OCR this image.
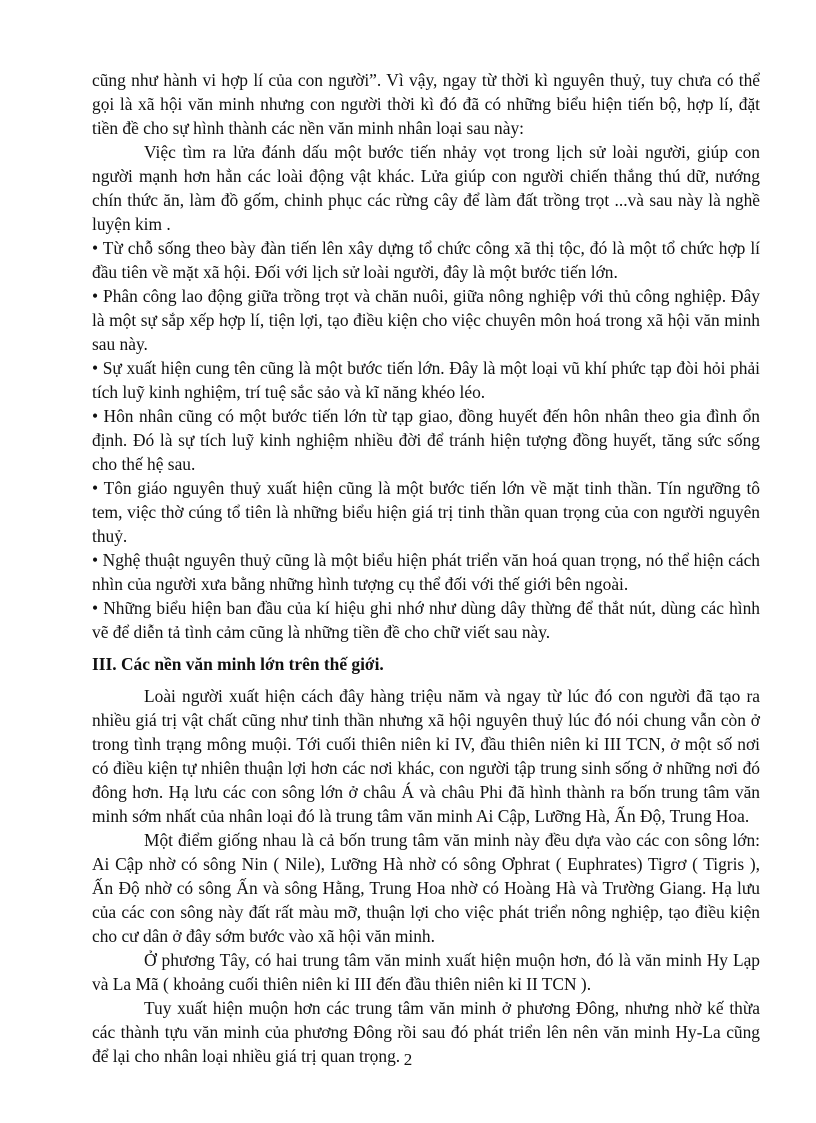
cũng như hành vi hợp lí của con người”. Vì vậy, ngay từ thời kì nguyên thuỷ, tuy chưa có thể gọi là xã hội văn minh nhưng con người thời kì đó đã có những biểu hiện tiến bộ, hợp lí, đặt tiền đề cho sự hình thành các nền văn minh nhân loại sau này:

Việc tìm ra lửa đánh dấu một bước tiến nhảy vọt trong lịch sử loài người, giúp con người mạnh hơn hẳn các loài động vật khác. Lửa giúp con người chiến thắng thú dữ, nướng chín thức ăn, làm đồ gốm, chinh phục các rừng cây để làm đất trồng trọt ...và sau này là nghề luyện kim .

• Từ chỗ sống theo bày đàn tiến lên xây dựng tổ chức công xã thị tộc, đó là một tổ chức hợp lí đầu tiên về mặt xã hội. Đối với lịch sử loài người, đây là một bước tiến lớn.

• Phân công lao động giữa trồng trọt và chăn nuôi, giữa nông nghiệp với thủ công nghiệp. Đây là một sự sắp xếp hợp lí, tiện lợi, tạo điều kiện cho việc chuyên môn hoá trong xã hội văn minh sau này.

• Sự xuất hiện cung tên cũng là một bước tiến lớn. Đây là một loại vũ khí phức tạp đòi hỏi phải tích luỹ kinh nghiệm, trí tuệ sắc sảo và kĩ năng khéo léo.

• Hôn nhân cũng có một bước tiến lớn từ tạp giao, đồng huyết đến hôn nhân theo gia đình ổn định. Đó là sự tích luỹ kinh nghiệm nhiều đời để tránh hiện tượng đồng huyết, tăng sức sống cho thế hệ sau.

• Tôn giáo nguyên thuỷ xuất hiện cũng là một bước tiến lớn về mặt tinh thần. Tín ngưỡng tô tem, việc thờ cúng tổ tiên là những biểu hiện giá trị tinh thần quan trọng của con người nguyên thuỷ.

• Nghệ thuật nguyên thuỷ cũng là một biểu hiện phát triển văn hoá quan trọng, nó thể hiện cách nhìn của người xưa bằng những hình tượng cụ thể đối với thế giới bên ngoài.

• Những biểu hiện ban đầu của kí hiệu ghi nhớ như dùng dây thừng để thắt nút, dùng các hình vẽ để diễn tả tình cảm cũng là những tiền đề cho chữ viết sau này.

III. Các nền văn minh lớn trên thế giới.

Loài người xuất hiện cách đây hàng triệu năm và ngay từ lúc đó con người đã tạo ra nhiều giá trị vật chất cũng như tinh thần nhưng xã hội nguyên thuỷ lúc đó nói chung vẫn còn ở trong tình trạng mông muội. Tới cuối thiên niên kỉ IV, đầu thiên niên kỉ III TCN, ở một số nơi có điều kiện tự nhiên thuận lợi hơn các nơi khác, con người tập trung sinh sống ở những nơi đó đông hơn. Hạ lưu các con sông lớn ở châu Á và châu Phi đã hình thành ra bốn trung tâm văn minh sớm nhất của nhân loại đó là trung tâm văn minh Ai Cập, Lưỡng Hà, Ấn Độ, Trung Hoa.

Một điểm giống nhau là cả bốn trung tâm văn minh này đều dựa vào các con sông lớn: Ai Cập nhờ có sông Nin ( Nile), Lưỡng Hà nhờ có sông Ơphrat ( Euphrates) Tigrơ ( Tigris ), Ấn Độ nhờ có sông Ấn và sông Hằng, Trung Hoa nhờ có Hoàng Hà và Trường Giang. Hạ lưu của các con sông này đất rất màu mỡ, thuận lợi cho việc phát triển nông nghiệp, tạo điều kiện cho cư dân ở đây sớm bước vào xã hội văn minh.

Ở phương Tây, có hai trung tâm văn minh xuất hiện muộn hơn, đó là văn minh Hy Lạp và La Mã ( khoảng cuối thiên niên kỉ III đến đầu thiên niên kỉ II TCN ).

Tuy xuất hiện muộn hơn các trung tâm văn minh ở phương Đông, nhưng nhờ kế thừa các thành tựu văn minh của phương Đông rồi sau đó phát triển lên nên văn minh Hy-La cũng để lại cho nhân loại nhiều giá trị quan trọng. 2
